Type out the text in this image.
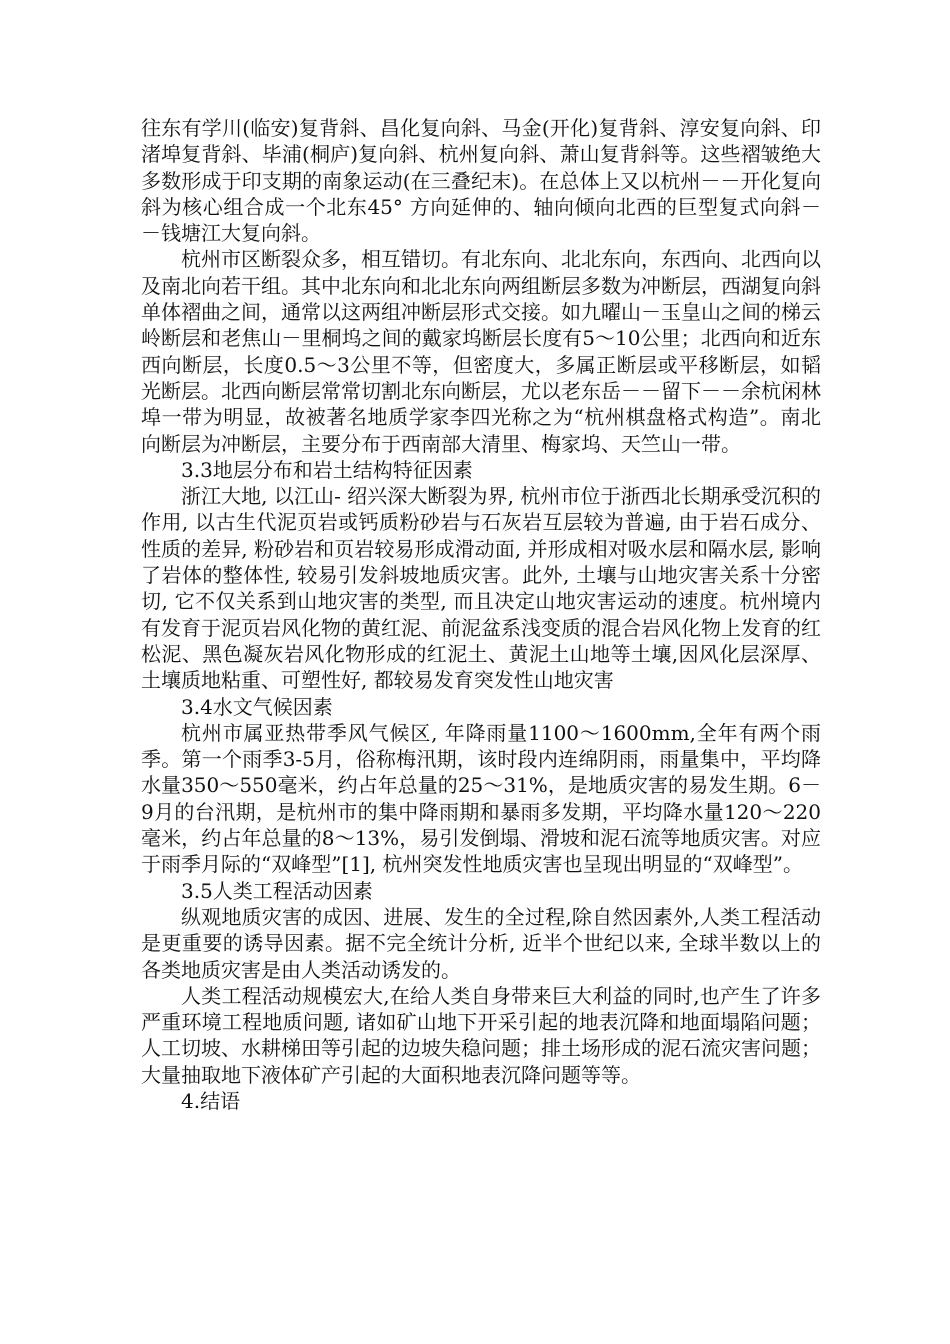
往东有学川(临安)复背斜、昌化复向斜、马金(开化)复背斜、淳安复向斜、印渚埠复背斜、毕浦(桐庐)复向斜、杭州复向斜、萧山复背斜等。这些褶皱绝大多数形成于印支期的南象运动(在三叠纪末)。在总体上又以杭州－－开化复向斜为核心组合成一个北东45° 方向延伸的、轴向倾向北西的巨型复式向斜－－钱塘江大复向斜。

杭州市区断裂众多，相互错切。有北东向、北北东向，东西向、北西向以及南北向若干组。其中北东向和北北东向两组断层多数为冲断层，西湖复向斜单体褶曲之间，通常以这两组冲断层形式交接。如九曜山－玉皇山之间的梯云岭断层和老焦山－里桐坞之间的戴家坞断层长度有5～10公里；北西向和近东西向断层，长度0.5～3公里不等，但密度大，多属正断层或平移断层，如韬光断层。北西向断层常常切割北东向断层，尤以老东岳－－留下－－余杭闲林埠一带为明显，故被著名地质学家李四光称之为“杭州棋盘格式构造”。南北向断层为冲断层，主要分布于西南部大清里、梅家坞、天竺山一带。

3.3地层分布和岩土结构特征因素

浙江大地, 以江山- 绍兴深大断裂为界, 杭州市位于浙西北长期承受沉积的作用, 以古生代泥页岩或钙质粉砂岩与石灰岩互层较为普遍, 由于岩石成分、性质的差异, 粉砂岩和页岩较易形成滑动面, 并形成相对吸水层和隔水层, 影响了岩体的整体性, 较易引发斜坡地质灾害。此外, 土壤与山地灾害关系十分密切, 它不仅关系到山地灾害的类型, 而且决定山地灾害运动的速度。杭州境内有发育于泥页岩风化物的黄红泥、前泥盆系浅变质的混合岩风化物上发育的红松泥、黑色凝灰岩风化物形成的红泥土、黄泥土山地等土壤,因风化层深厚、土壤质地粘重、可塑性好, 都较易发育突发性山地灾害

3.4水文气候因素

杭州市属亚热带季风气候区, 年降雨量1100～1600mm,全年有两个雨季。第一个雨季3-5月，俗称梅汛期，该时段内连绵阴雨，雨量集中，平均降水量350～550毫米，约占年总量的25～31%，是地质灾害的易发生期。6－9月的台汛期，是杭州市的集中降雨期和暴雨多发期，平均降水量120～220毫米，约占年总量的8～13%，易引发倒塌、滑坡和泥石流等地质灾害。对应于雨季月际的“双峰型”[1], 杭州突发性地质灾害也呈现出明显的“双峰型”。

3.5人类工程活动因素

纵观地质灾害的成因、进展、发生的全过程,除自然因素外,人类工程活动是更重要的诱导因素。据不完全统计分析, 近半个世纪以来, 全球半数以上的各类地质灾害是由人类活动诱发的。

人类工程活动规模宏大,在给人类自身带来巨大利益的同时,也产生了许多严重环境工程地质问题, 诸如矿山地下开采引起的地表沉降和地面塌陷问题；人工切坡、水耕梯田等引起的边坡失稳问题；排土场形成的泥石流灾害问题；大量抽取地下液体矿产引起的大面积地表沉降问题等等。

4.结语
